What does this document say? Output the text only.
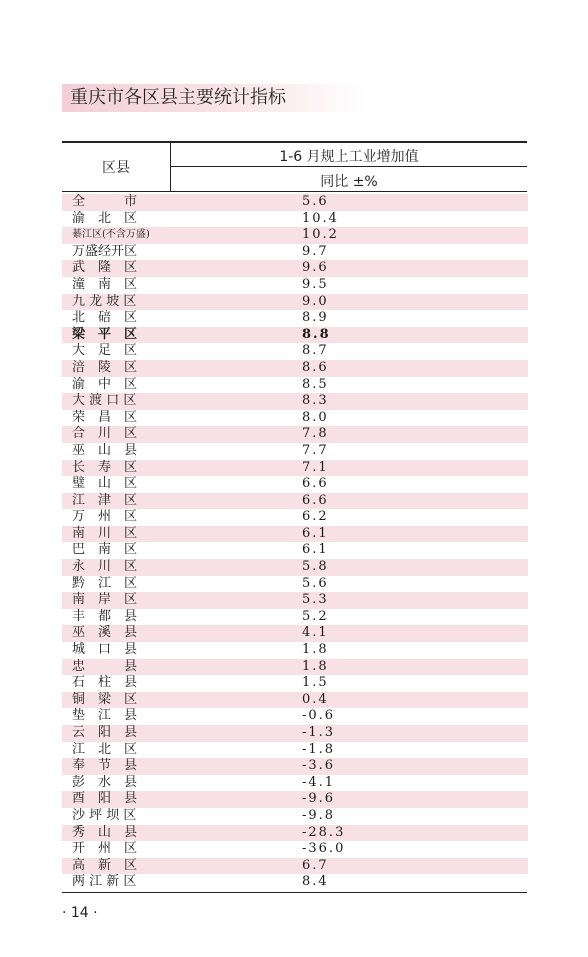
重庆市各区县主要统计指标
区县
1-6 月规上工业增加值
同比 ±%
全　　　市	5.6
渝　北　区	10.4
綦江区(不含万盛)	10.2
万盛经开区	9.7
武　隆　区	9.6
潼　南　区	9.5
九 龙 坡 区	9.0
北　碚　区	8.9
梁　平　区	8.8
大　足　区	8.7
涪　陵　区	8.6
渝　中　区	8.5
大 渡 口 区	8.3
荣　昌　区	8.0
合　川　区	7.8
巫　山　县	7.7
长　寿　区	7.1
璧　山　区	6.6
江　津　区	6.6
万　州　区	6.2
南　川　区	6.1
巴　南　区	6.1
永　川　区	5.8
黔　江　区	5.6
南　岸　区	5.3
丰　都　县	5.2
巫　溪　县	4.1
城　口　县	1.8
忠　　　县	1.8
石　柱　县	1.5
铜　梁　区	0.4
垫　江　县	-0.6
云　阳　县	-1.3
江　北　区	-1.8
奉　节　县	-3.6
彭　水　县	-4.1
酉　阳　县	-9.6
沙 坪 坝 区	-9.8
秀　山　县	-28.3
开　州　区	-36.0
高　新　区	6.7
两 江 新 区	8.4
· 14 ·
